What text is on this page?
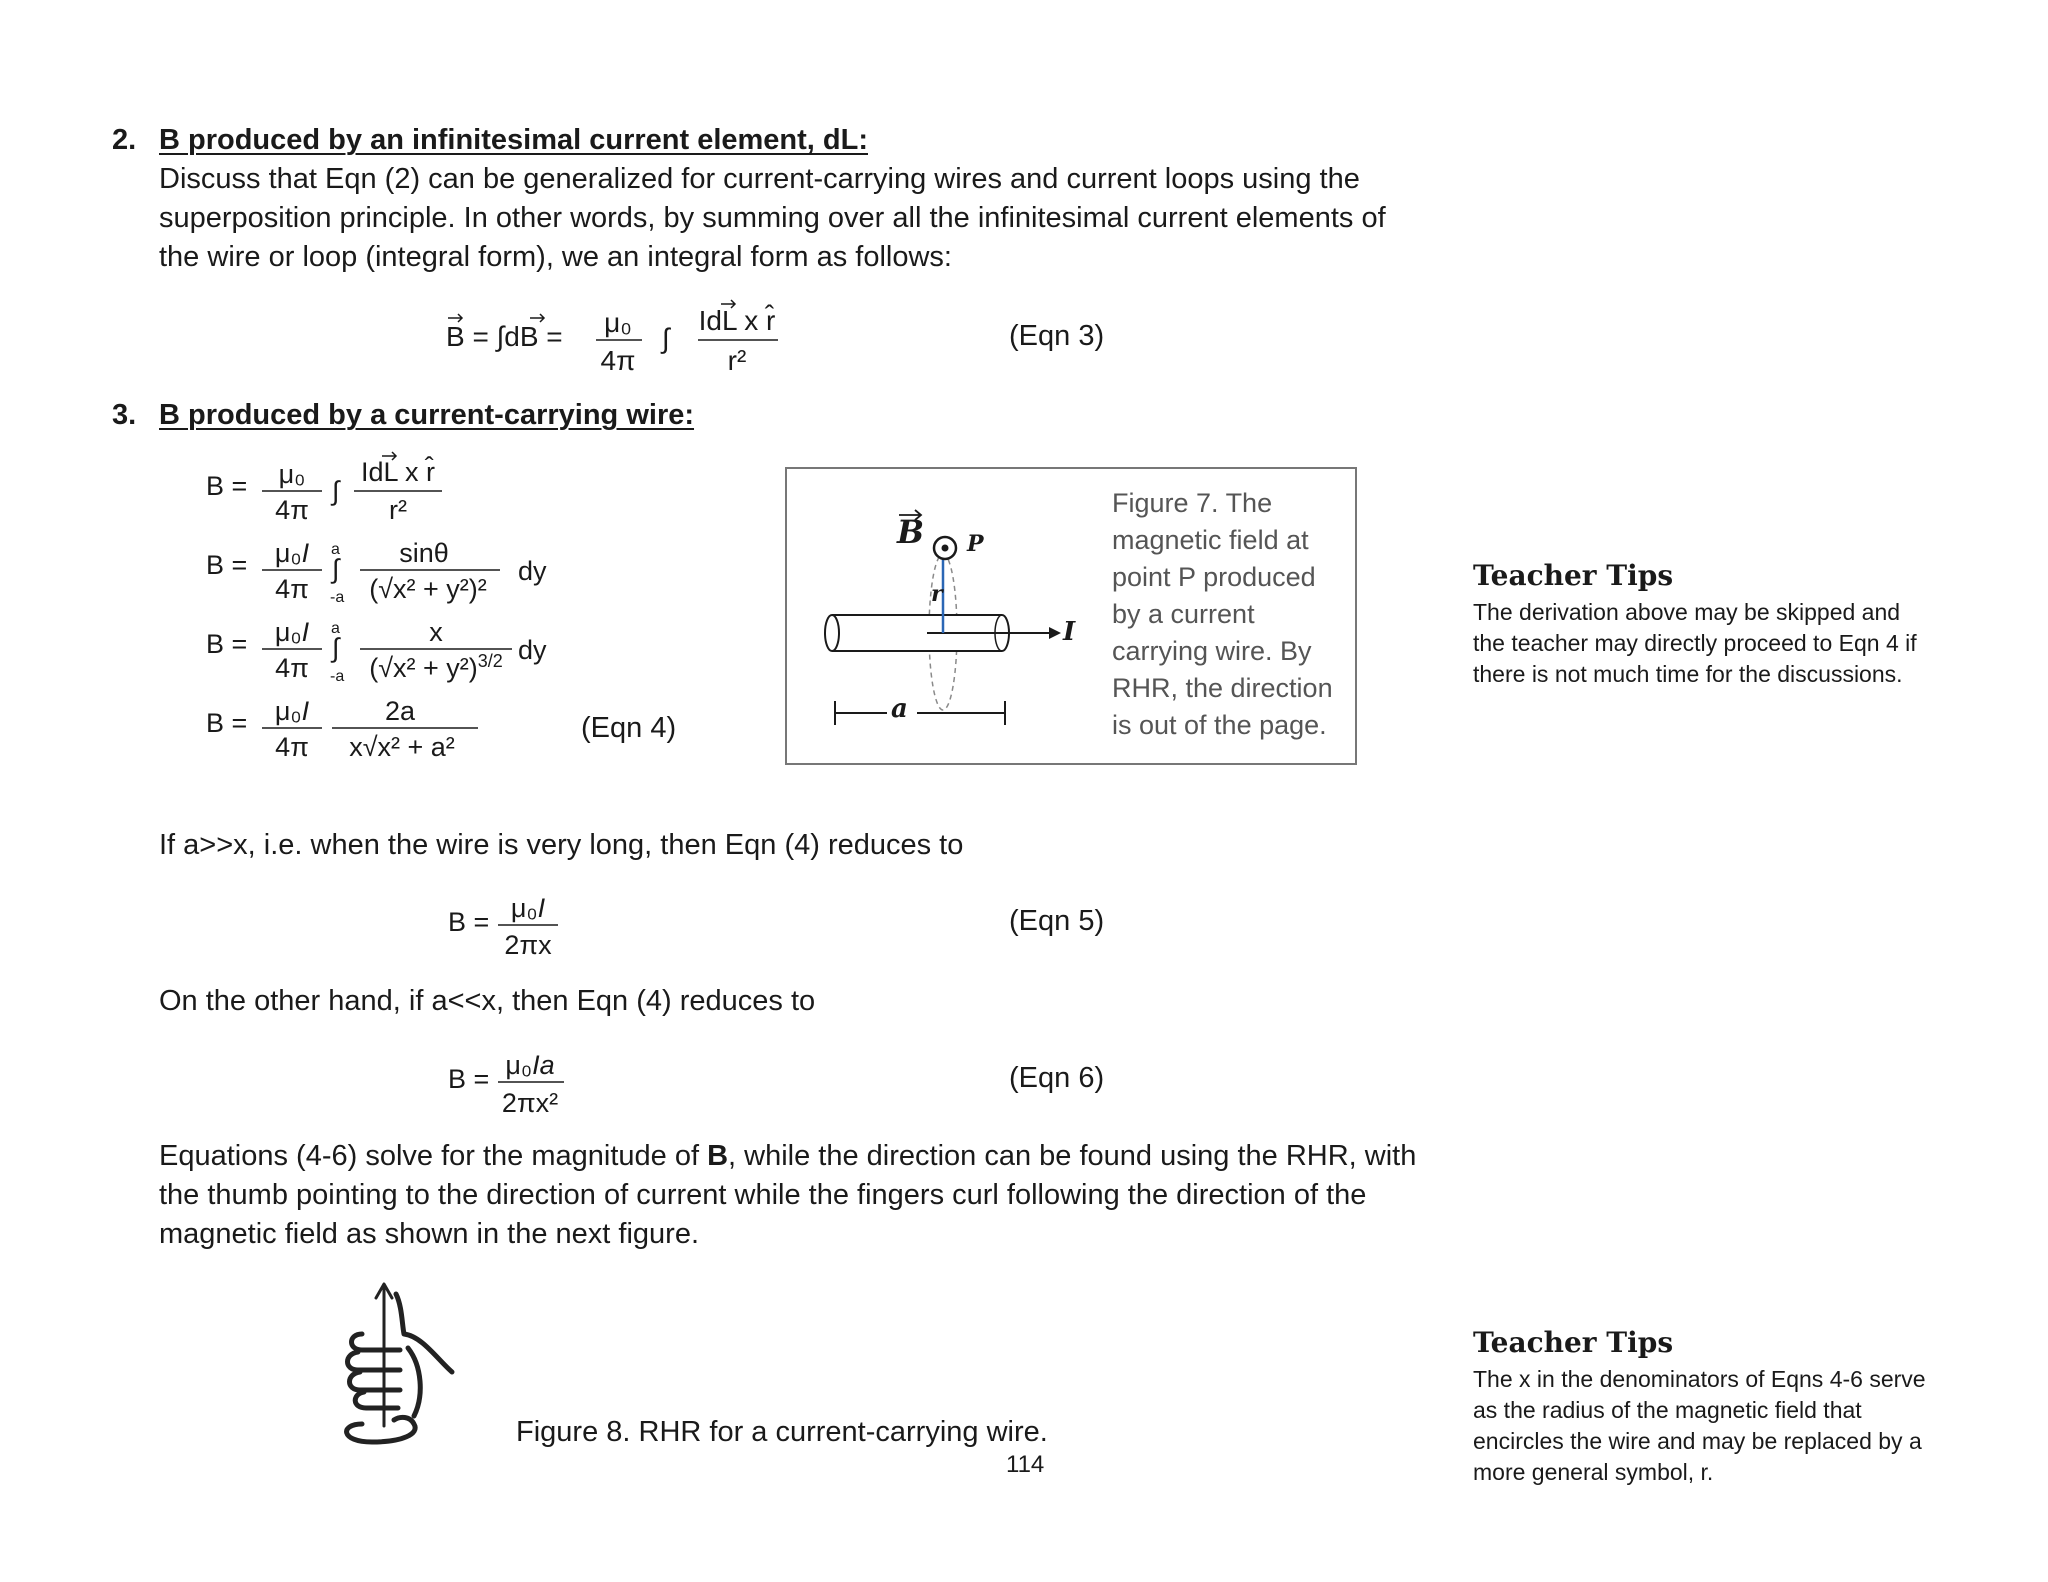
2. B produced by an infinitesimal current element, dL:
Discuss that Eqn (2) can be generalized for current-carrying wires and current loops using the
superposition principle. In other words, by summing over all the infinitesimal current elements of
the wire or loop (integral form), we an integral form as follows:
B = ∫dB = μ₀
4π
∫
IdL x r̂
r²
(Eqn 3)
3. B produced by a current-carrying wire:
B = μ₀
4π
∫
IdL x r̂
r²
B = μ₀I
4π
∫
a
-a
sinθ
(√x² + y²)²
dy
B = μ₀I
4π
∫
a
-a
x
$(√x^2 + y^2)^{3/2}$ dy
B = μ₀I
4π
2a
x√x² + a²
(Eqn 4)
B P
r
I
a
Figure 7. The
magnetic field at
point P produced
by a current
carrying wire. By
RHR, the direction
is out of the page.
Teacher Tips
The derivation above may be skipped and
the teacher may directly proceed to Eqn 4 if
there is not much time for the discussions.
If a>>x, i.e. when the wire is very long, then Eqn (4) reduces to
B = μ₀I
2πx
(Eqn 5)
On the other hand, if a<<x, then Eqn (4) reduces to
B = μ₀Ia
2πx²
(Eqn 6)
Equations (4-6) solve for the magnitude of B, while the direction can be found using the RHR, with
the thumb pointing to the direction of current while the fingers curl following the direction of the
magnetic field as shown in the next figure.
Figure 8. RHR for a current-carrying wire.
114
Teacher Tips
The x in the denominators of Eqns 4-6 serve
as the radius of the magnetic field that
encircles the wire and may be replaced by a
more general symbol, r.
